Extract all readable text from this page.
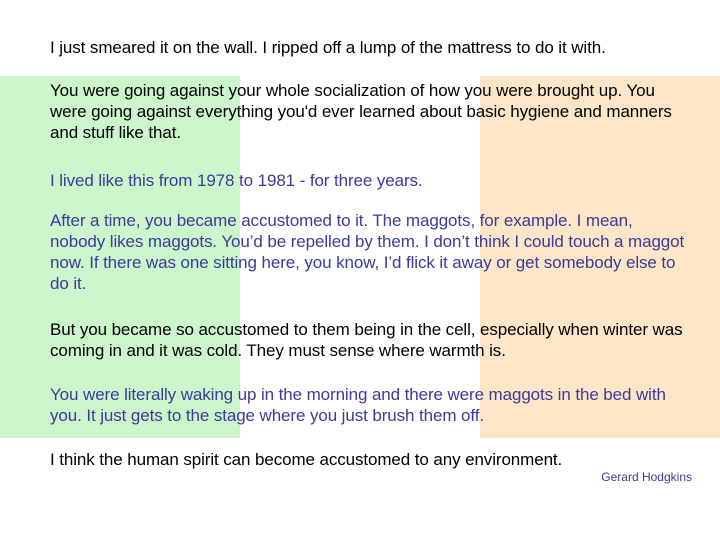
I just smeared it on the wall. I ripped off a lump of the mattress to do it with.

You were going against your whole socialization of how you were brought up. You were going against everything you'd ever learned about basic hygiene and manners and stuff like that.

I lived like this from 1978 to 1981 - for three years.

After a time, you became accustomed to it. The maggots, for example. I mean, nobody likes maggots. You’d be repelled by them. I don’t think I could touch a maggot now. If there was one sitting here, you know, I’d flick it away or get somebody else to do it.

But you became so accustomed to them being in the cell, especially when winter was coming in and it was cold. They must sense where warmth is.

You were literally waking up in the morning and there were maggots in the bed with you. It just gets to the stage where you just brush them off.

I think the human spirit can become accustomed to any environment.

Gerard Hodgkins
